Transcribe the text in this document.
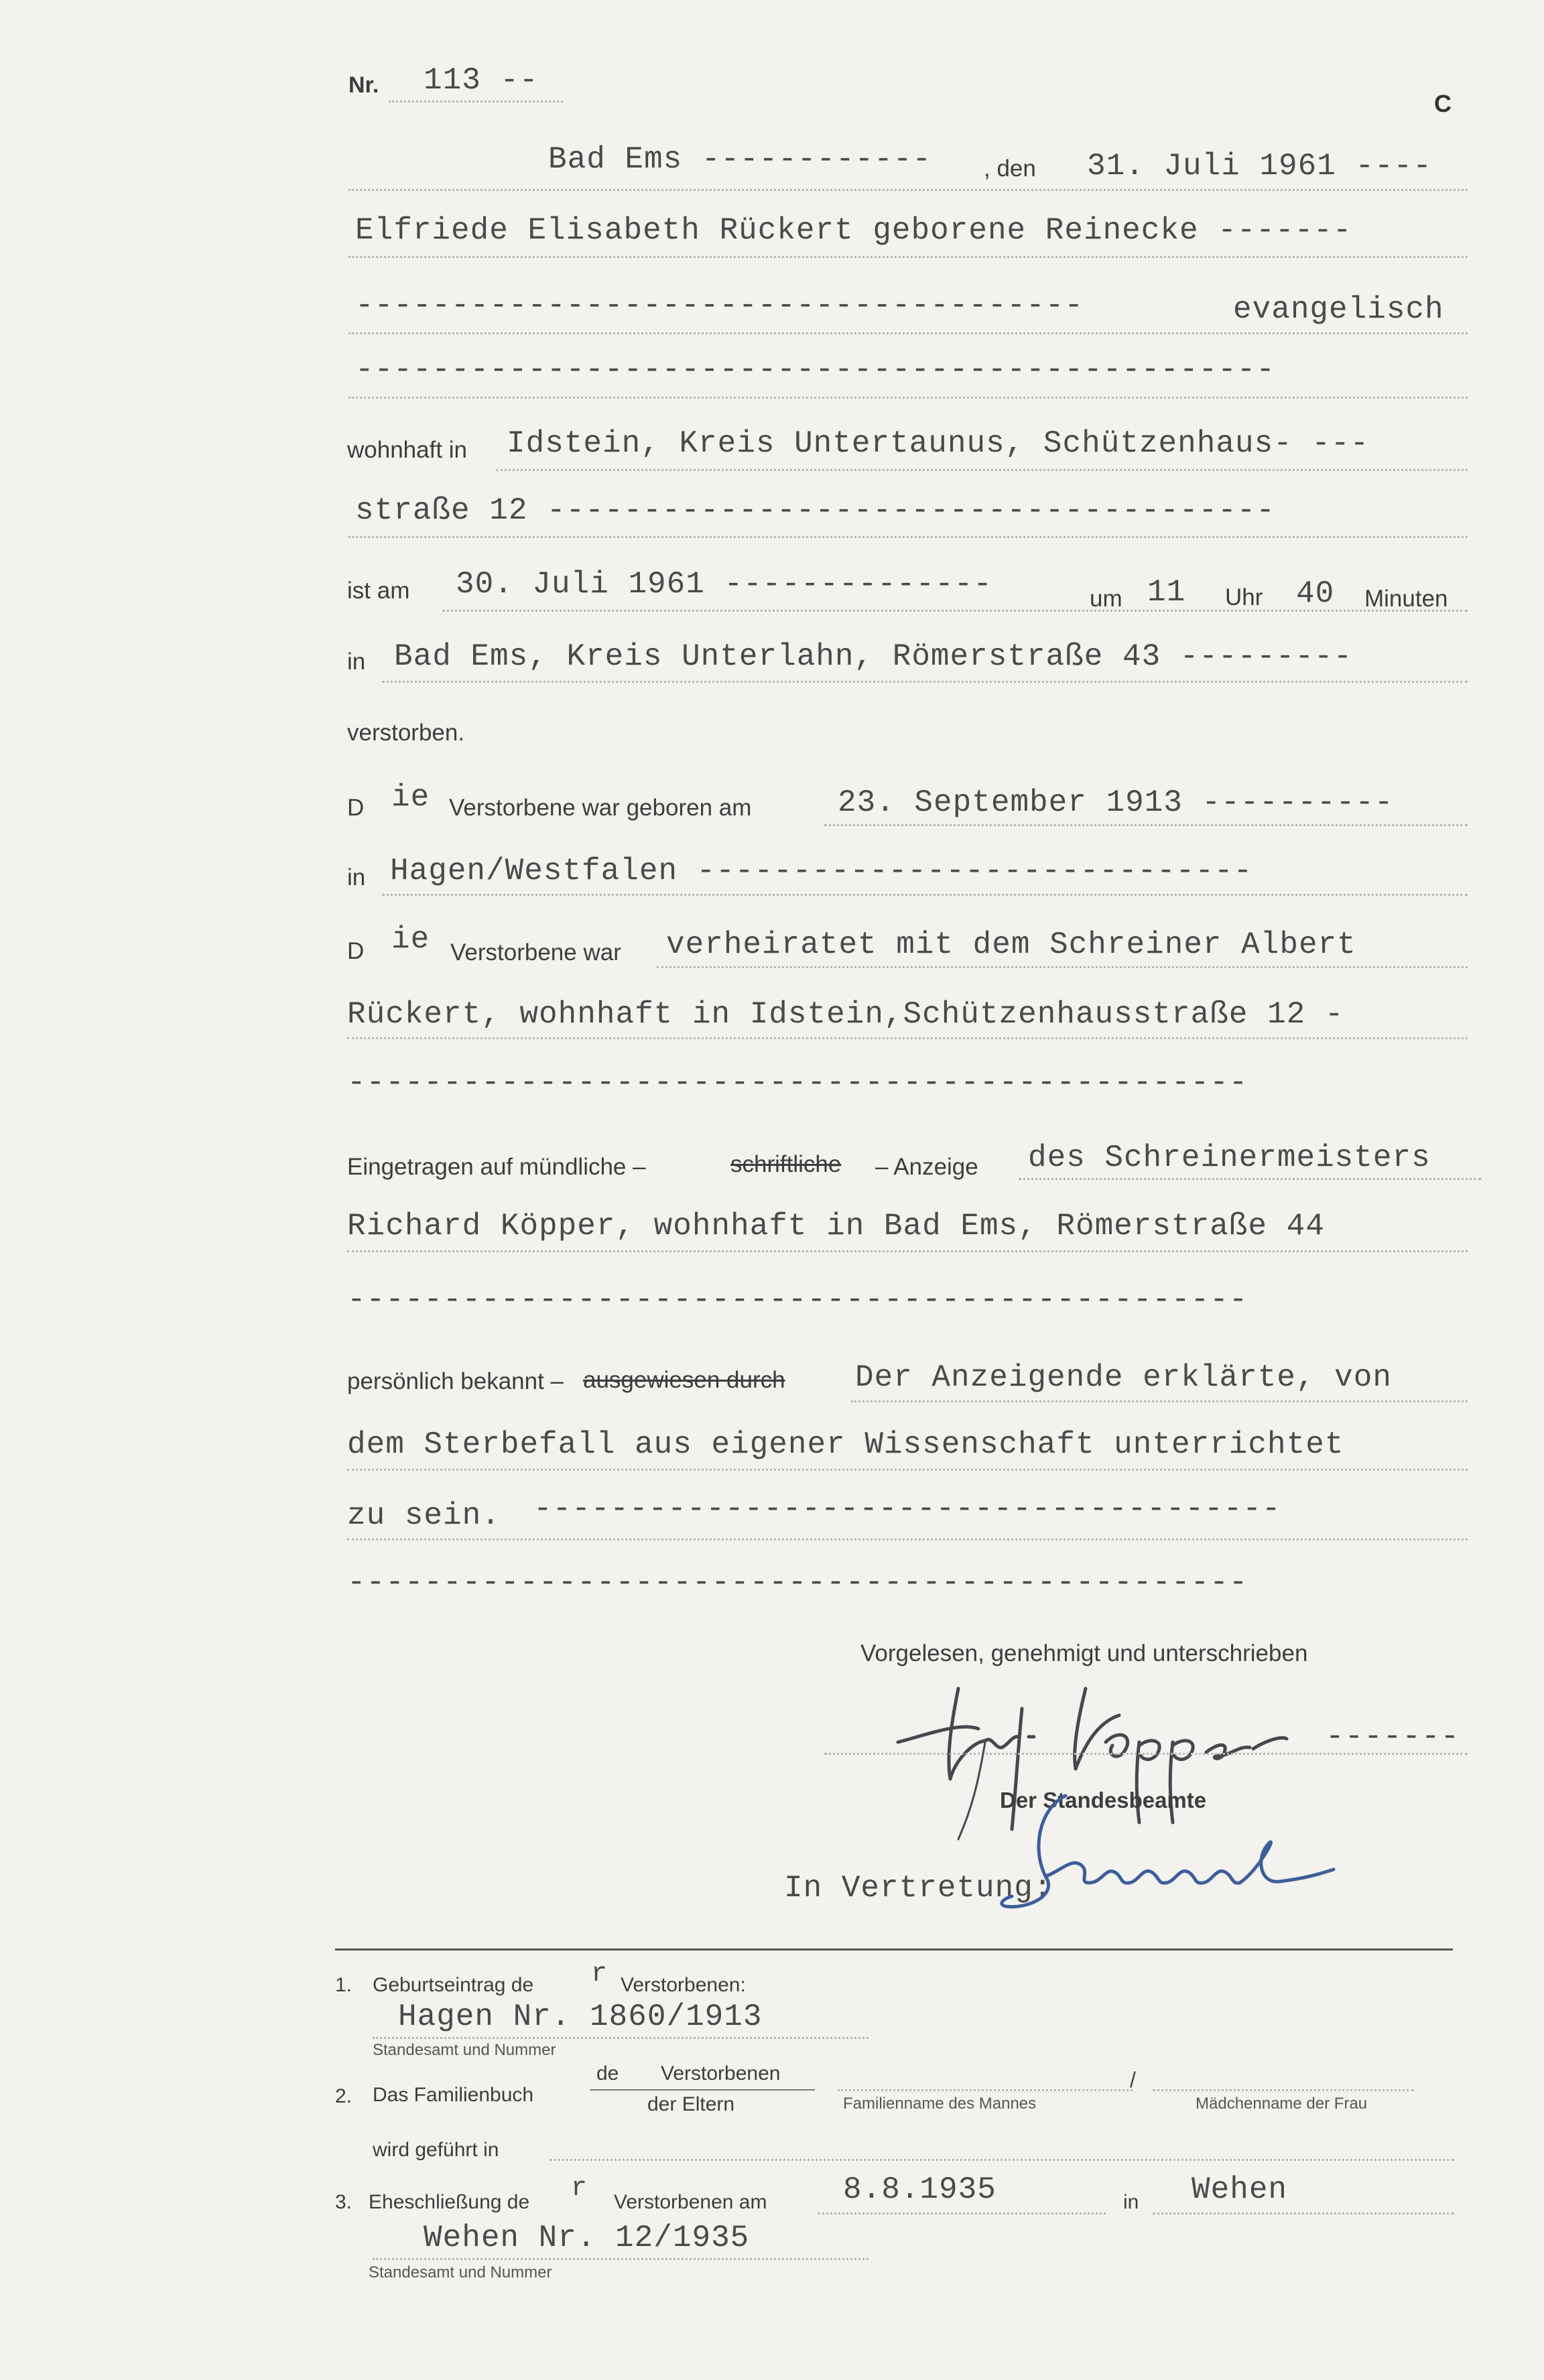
Nr. 113 --
C
Bad Ems ------------ , den 31. Juli 1961 ----
Elfriede Elisabeth Rückert geborene Reinecke -------
--------------------------------------	evangelisch
------------------------------------------------
wohnhaft in Idstein, Kreis Untertaunus, Schützenhaus- ---
straße 12 --------------------------------------
ist am 30. Juli 1961 --------------	um 11 Uhr 40 Minuten
in Bad Ems, Kreis Unterlahn, Römerstraße 43 ---------
verstorben.
D ie Verstorbene war geboren am	23. September 1913 ----------
in Hagen/Westfalen -----------------------------
D ie Verstorbene war verheiratet mit dem Schreiner Albert
Rückert, wohnhaft in Idstein,Schützenhausstraße 12 -
-----------------------------------------------
Eingetragen auf mündliche –	schriftliche – Anzeige des Schreinermeisters
Richard Köpper, wohnhaft in Bad Ems, Römerstraße 44
-----------------------------------------------
persönlich bekannt – ausgewiesen durch Der Anzeigende erklärte, von
dem Sterbefall aus eigener Wissenschaft unterrichtet
zu sein. ---------------------------------------
-----------------------------------------------
Vorgelesen, genehmigt und unterschrieben
-------
Der Standesbeamte
In Vertretung:
1. Geburtseintrag de r Verstorbenen:
Hagen Nr. 1860/1913
Standesamt und Nummer
2. Das Familienbuch
de Verstorbenen
der Eltern
/
Familienname des Mannes	Mädchenname der Frau
wird geführt in
3. Eheschließung de r Verstorbenen am 8.8.1935	in Wehen
Wehen Nr. 12/1935
Standesamt und Nummer
